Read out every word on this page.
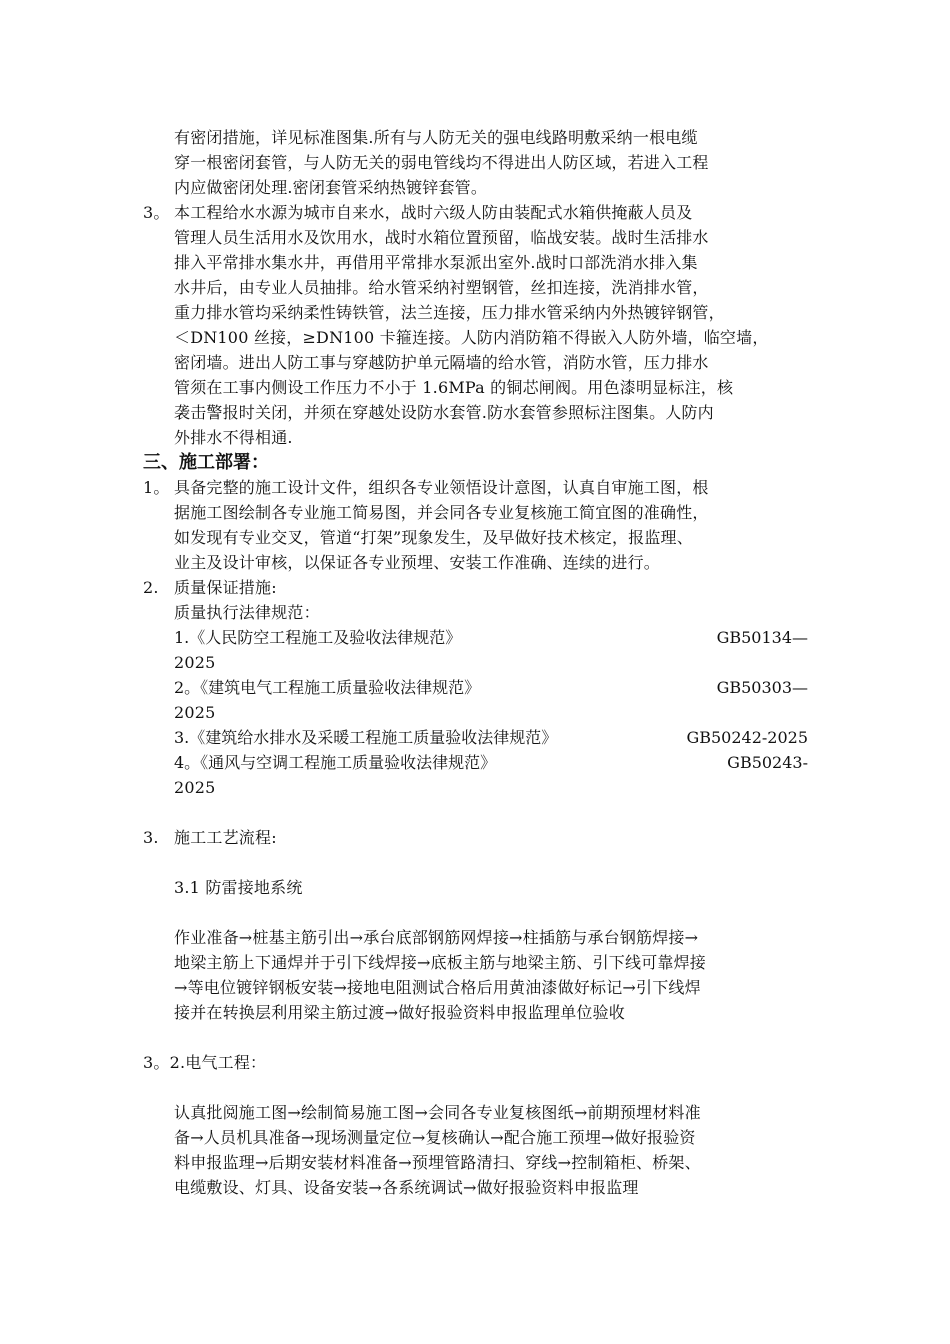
有密闭措施，详见标准图集.所有与人防无关的强电线路明敷采纳一根电缆
穿一根密闭套管，与人防无关的弱电管线均不得进出人防区域，若进入工程
内应做密闭处理.密闭套管采纳热镀锌套管。
3。 本工程给水水源为城市自来水，战时六级人防由装配式水箱供掩蔽人员及
管理人员生活用水及饮用水，战时水箱位置预留，临战安装。战时生活排水
排入平常排水集水井，再借用平常排水泵派出室外.战时口部洗消水排入集
水井后，由专业人员抽排。给水管采纳衬塑钢管，丝扣连接，洗消排水管，
重力排水管均采纳柔性铸铁管，法兰连接，压力排水管采纳内外热镀锌钢管，
＜DN100 丝接，≥DN100 卡箍连接。人防内消防箱不得嵌入人防外墙，临空墙，
密闭墙。进出人防工事与穿越防护单元隔墙的给水管，消防水管，压力排水
管须在工事内侧设工作压力不小于 1.6MPa 的铜芯闸阀。用色漆明显标注，核
袭击警报时关闭，并须在穿越处设防水套管.防水套管参照标注图集。人防内
外排水不得相通.
三、施工部署：
1。 具备完整的施工设计文件，组织各专业领悟设计意图，认真自审施工图，根
据施工图绘制各专业施工简易图，并会同各专业复核施工简宜图的准确性，
如发现有专业交叉，管道“打架”现象发生，及早做好技术核定，报监理、
业主及设计审核，以保证各专业预埋、安装工作准确、连续的进行。
2. 质量保证措施:
质量执行法律规范：
1.《人民防空工程施工及验收法律规范》	GB50134—
2025
2。《建筑电气工程施工质量验收法律规范》	GB50303—
2025
3.《建筑给水排水及采暖工程施工质量验收法律规范》	GB50242-2025
4。《通风与空调工程施工质量验收法律规范》	GB50243-
2025
3. 施工工艺流程:
3.1 防雷接地系统
作业准备→桩基主筋引出→承台底部钢筋网焊接→柱插筋与承台钢筋焊接→
地梁主筋上下通焊并于引下线焊接→底板主筋与地梁主筋、引下线可靠焊接
→等电位镀锌钢板安装→接地电阻测试合格后用黄油漆做好标记→引下线焊
接并在转换层利用梁主筋过渡→做好报验资料申报监理单位验收
3。2.电气工程：
认真批阅施工图→绘制简易施工图→会同各专业复核图纸→前期预埋材料准
备→人员机具准备→现场测量定位→复核确认→配合施工预埋→做好报验资
料申报监理→后期安装材料准备→预埋管路清扫、穿线→控制箱柜、桥架、
电缆敷设、灯具、设备安装→各系统调试→做好报验资料申报监理
